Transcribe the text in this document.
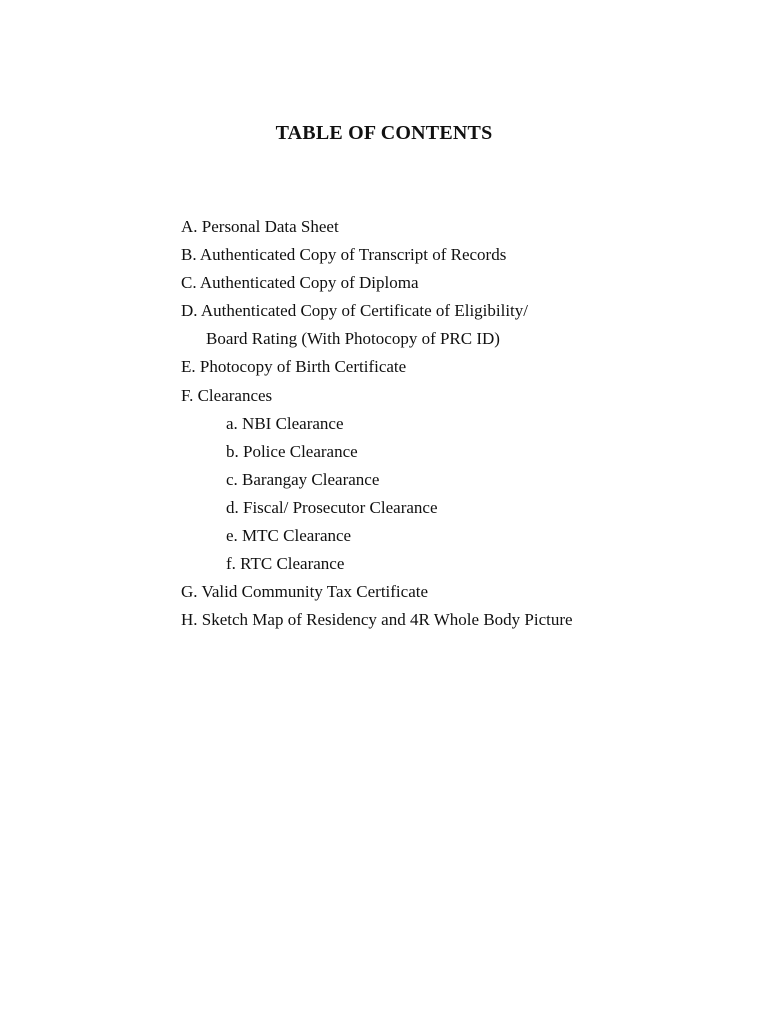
TABLE OF CONTENTS
A. Personal Data Sheet
B. Authenticated Copy of Transcript of Records
C. Authenticated Copy of Diploma
D. Authenticated Copy of Certificate of Eligibility/
Board Rating (With Photocopy of PRC ID)
E. Photocopy of Birth Certificate
F. Clearances
a. NBI Clearance
b. Police Clearance
c. Barangay Clearance
d. Fiscal/ Prosecutor Clearance
e. MTC Clearance
f. RTC Clearance
G. Valid Community Tax Certificate
H. Sketch Map of Residency and 4R Whole Body Picture
